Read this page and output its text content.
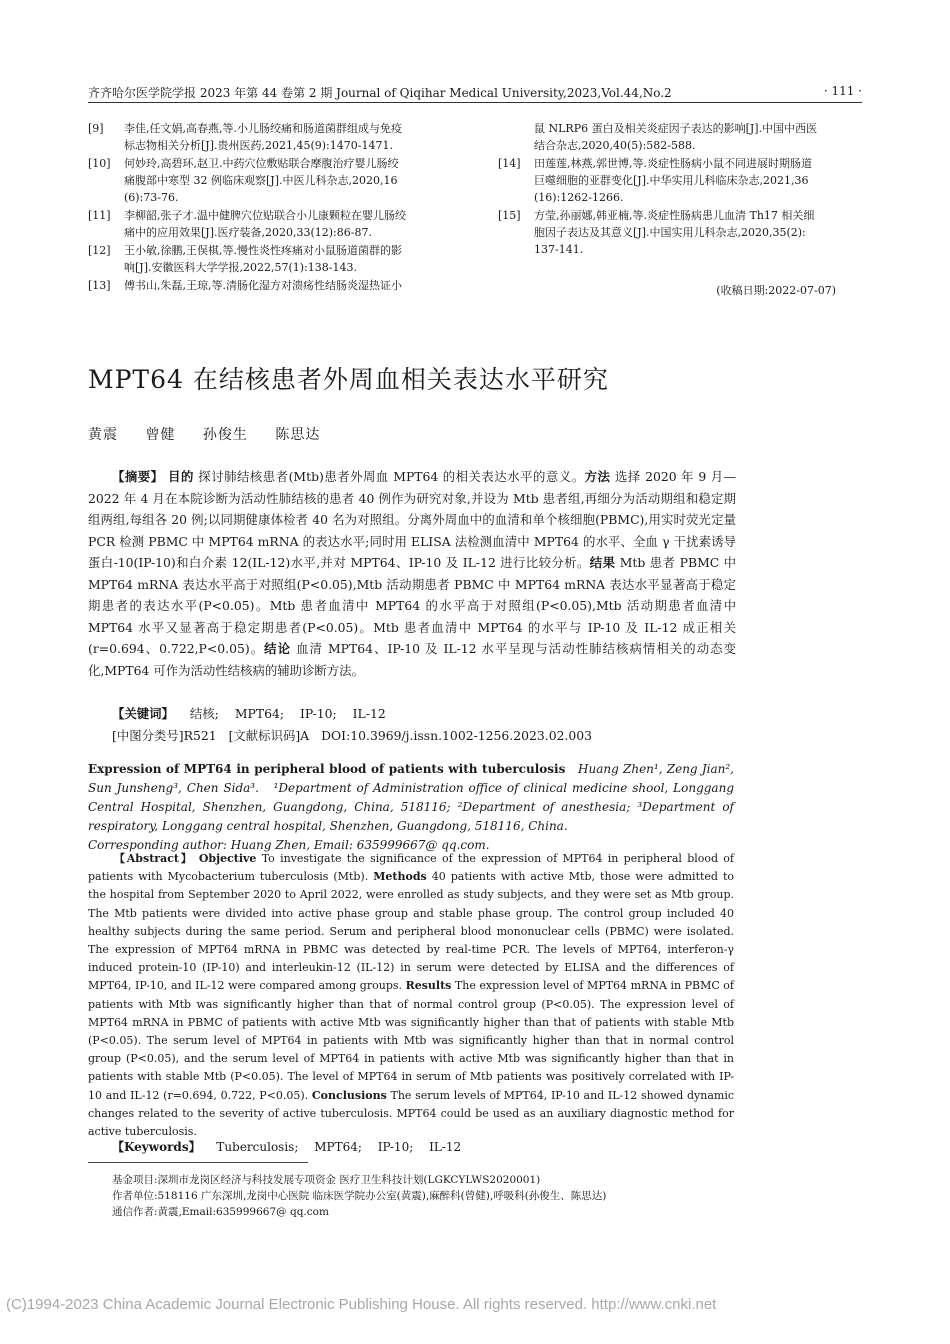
齐齐哈尔医学院学报 2023 年第 44 卷第 2 期 Journal of Qiqihar Medical University,2023,Vol.44,No.2	· 111 ·
[9]	李佳,任文娟,高春燕,等.小儿肠绞痛和肠道菌群组成与免疫
标志物相关分析[J].贵州医药,2021,45(9):1470-1471.
[10]	何妙玲,高碧环,赵卫.中药穴位敷贴联合摩腹治疗婴儿肠绞
痛腹部中寒型 32 例临床观察[J].中医儿科杂志,2020,16
(6):73-76.
[11]	李柳韶,张子才.温中健脾穴位贴联合小儿康颗粒在婴儿肠绞
痛中的应用效果[J].医疗装备,2020,33(12):86-87.
[12]	王小敏,徐鹏,王俣棋,等.慢性炎性疼痛对小鼠肠道菌群的影
响[J].安徽医科大学学报,2022,57(1):138-143.
[13]	傅书山,朱磊,王琼,等.清肠化湿方对溃疡性结肠炎湿热证小
鼠 NLRP6 蛋白及相关炎症因子表达的影响[J].中国中西医
结合杂志,2020,40(5):582-588.
[14]	田莲莲,林燕,郭世博,等.炎症性肠病小鼠不同进展时期肠道
巨噬细胞的亚群变化[J].中华实用儿科临床杂志,2021,36
(16):1262-1266.
[15]	方莹,孙丽娜,韩亚楠,等.炎症性肠病患儿血清 Th17 相关细
胞因子表达及其意义[J].中国实用儿科杂志,2020,35(2):
137-141.
(收稿日期:2022-07-07)
MPT64 在结核患者外周血相关表达水平研究
黄震 曾健 孙俊生 陈思达

【摘要】 目的 探讨肺结核患者(Mtb)患者外周血 MPT64 的相关表达水平的意义。方法 选择 2020 年 9 月—2022 年 4 月在本院诊断为活动性肺结核的患者 40 例作为研究对象,并设为 Mtb 患者组,再细分为活动期组和稳定期组两组,每组各 20 例;以同期健康体检者 40 名为对照组。分离外周血中的血清和单个核细胞(PBMC),用实时荧光定量 PCR 检测 PBMC 中 MPT64 mRNA 的表达水平;同时用 ELISA 法检测血清中 MPT64 的水平、全血 γ 干扰素诱导蛋白-10(IP-10)和白介素 12(IL-12)水平,并对 MPT64、IP-10 及 IL-12 进行比较分析。结果 Mtb 患者 PBMC 中 MPT64 mRNA 表达水平高于对照组(P<0.05),Mtb 活动期患者 PBMC 中 MPT64 mRNA 表达水平显著高于稳定期患者的表达水平(P<0.05)。Mtb 患者血清中 MPT64 的水平高于对照组(P<0.05),Mtb 活动期患者血清中 MPT64 水平又显著高于稳定期患者(P<0.05)。Mtb 患者血清中 MPT64 的水平与 IP-10 及 IL-12 成正相关(r=0.694、0.722,P<0.05)。结论 血清 MPT64、IP-10 及 IL-12 水平呈现与活动性肺结核病情相关的动态变化,MPT64 可作为活动性结核病的辅助诊断方法。

【关键词】 结核; MPT64; IP-10; IL-12
[中图分类号]R521 [文献标识码]A DOI:10.3969/j.issn.1002-1256.2023.02.003

Expression of MPT64 in peripheral blood of patients with tuberculosis Huang Zhen¹, Zeng Jian², Sun Junsheng³, Chen Sida³. ¹Department of Administration office of clinical medicine shool, Longgang Central Hospital, Shenzhen, Guangdong, China, 518116; ²Department of anesthesia; ³Department of respiratory, Longgang central hospital, Shenzhen, Guangdong, 518116, China.
Corresponding author: Huang Zhen, Email: 635999667@ qq.com.

【Abstract】 Objective To investigate the significance of the expression of MPT64 in peripheral blood of patients with Mycobacterium tuberculosis (Mtb). Methods 40 patients with active Mtb, those were admitted to the hospital from September 2020 to April 2022, were enrolled as study subjects, and they were set as Mtb group. The Mtb patients were divided into active phase group and stable phase group. The control group included 40 healthy subjects during the same period. Serum and peripheral blood mononuclear cells (PBMC) were isolated. The expression of MPT64 mRNA in PBMC was detected by real-time PCR. The levels of MPT64, interferon-γ induced protein-10 (IP-10) and interleukin-12 (IL-12) in serum were detected by ELISA and the differences of MPT64, IP-10, and IL-12 were compared among groups. Results The expression level of MPT64 mRNA in PBMC of patients with Mtb was significantly higher than that of normal control group (P<0.05). The expression level of MPT64 mRNA in PBMC of patients with active Mtb was significantly higher than that of patients with stable Mtb (P<0.05). The serum level of MPT64 in patients with Mtb was significantly higher than that in normal control group (P<0.05), and the serum level of MPT64 in patients with active Mtb was significantly higher than that in patients with stable Mtb (P<0.05). The level of MPT64 in serum of Mtb patients was positively correlated with IP-10 and IL-12 (r=0.694, 0.722, P<0.05). Conclusions The serum levels of MPT64, IP-10 and IL-12 showed dynamic changes related to the severity of active tuberculosis. MPT64 could be used as an auxiliary diagnostic method for active tuberculosis.

【Keywords】 Tuberculosis; MPT64; IP-10; IL-12
基金项目:深圳市龙岗区经济与科技发展专项资金 医疗卫生科技计划(LGKCYLWS2020001)
作者单位:518116 广东深圳,龙岗中心医院 临床医学院办公室(黄震),麻醉科(曾健),呼吸科(孙俊生、陈思达)
通信作者:黄震,Email:635999667@ qq.com
(C)1994-2023 China Academic Journal Electronic Publishing House. All rights reserved. http://www.cnki.net
